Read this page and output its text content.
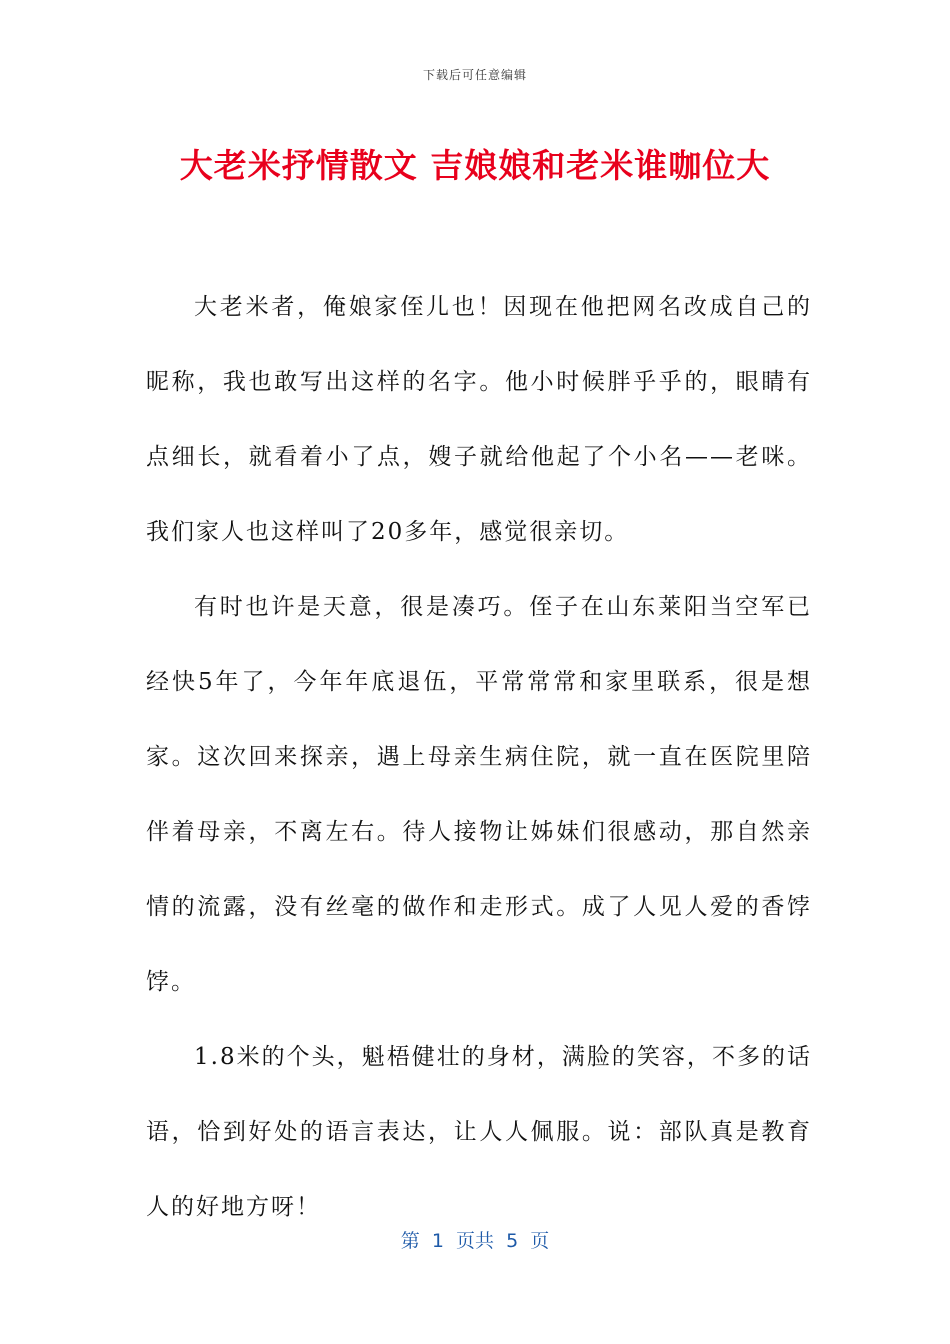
下载后可任意编辑
大老米抒情散文 吉娘娘和老米谁咖位大

大老米者，俺娘家侄儿也！因现在他把网名改成自己的昵称，我也敢写出这样的名字。他小时候胖乎乎的，眼睛有点细长，就看着小了点，嫂子就给他起了个小名——老咪。我们家人也这样叫了20多年，感觉很亲切。

有时也许是天意，很是凑巧。侄子在山东莱阳当空军已经快5年了，今年年底退伍，平常常常和家里联系，很是想家。这次回来探亲，遇上母亲生病住院，就一直在医院里陪伴着母亲，不离左右。待人接物让姊妹们很感动，那自然亲情的流露，没有丝毫的做作和走形式。成了人见人爱的香饽饽。

1.8米的个头，魁梧健壮的身材，满脸的笑容，不多的话语，恰到好处的语言表达，让人人佩服。说：部队真是教育人的好地方呀！

第  1  页共  5  页
